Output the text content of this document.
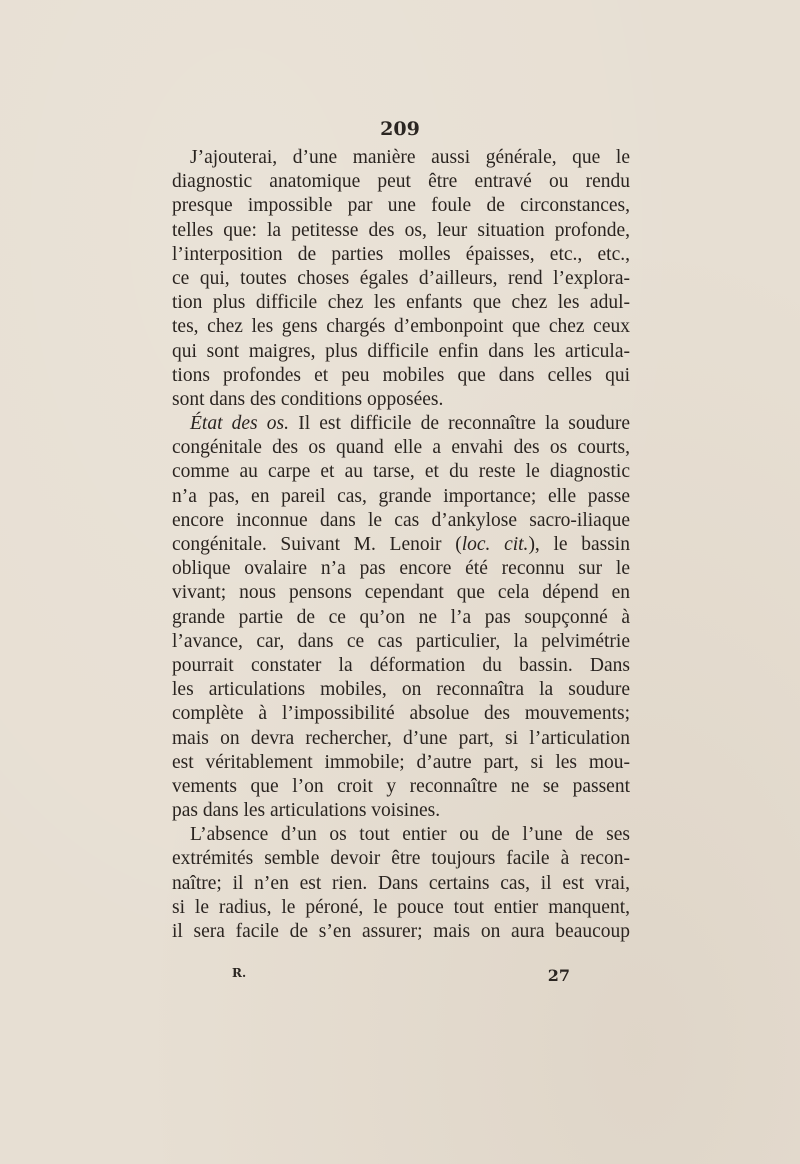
209
J’ajouterai, d’une manière aussi générale, que le
diagnostic anatomique peut être entravé ou rendu
presque impossible par une foule de circonstances,
telles que: la petitesse des os, leur situation profonde,
l’interposition de parties molles épaisses, etc., etc.,
ce qui, toutes choses égales d’ailleurs, rend l’explora-
tion plus difficile chez les enfants que chez les adul-
tes, chez les gens chargés d’embonpoint que chez ceux
qui sont maigres, plus difficile enfin dans les articula-
tions profondes et peu mobiles que dans celles qui
sont dans des conditions opposées.
État des os. Il est difficile de reconnaître la soudure
congénitale des os quand elle a envahi des os courts,
comme au carpe et au tarse, et du reste le diagnostic
n’a pas, en pareil cas, grande importance; elle passe
encore inconnue dans le cas d’ankylose sacro-iliaque
congénitale. Suivant M. Lenoir (loc. cit.), le bassin
oblique ovalaire n’a pas encore été reconnu sur le
vivant; nous pensons cependant que cela dépend en
grande partie de ce qu’on ne l’a pas soupçonné à
l’avance, car, dans ce cas particulier, la pelvimétrie
pourrait constater la déformation du bassin. Dans
les articulations mobiles, on reconnaîtra la soudure
complète à l’impossibilité absolue des mouvements;
mais on devra rechercher, d’une part, si l’articulation
est véritablement immobile; d’autre part, si les mou-
vements que l’on croit y reconnaître ne se passent
pas dans les articulations voisines.
L’absence d’un os tout entier ou de l’une de ses
extrémités semble devoir être toujours facile à recon-
naître; il n’en est rien. Dans certains cas, il est vrai,
si le radius, le péroné, le pouce tout entier manquent,
il sera facile de s’en assurer; mais on aura beaucoup
R.	27
